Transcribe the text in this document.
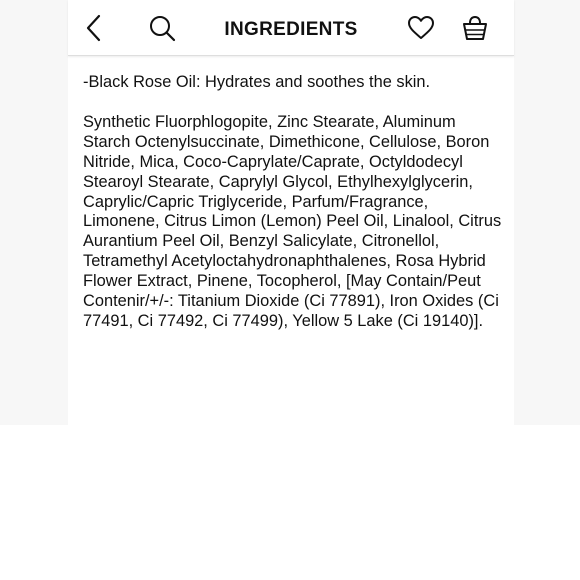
INGREDIENTS

-Black Rose Oil: Hydrates and soothes the skin.

Synthetic Fluorphlogopite, Zinc Stearate, Aluminum Starch Octenylsuccinate, Dimethicone, Cellulose, Boron Nitride, Mica, Coco-Caprylate/Caprate, Octyldodecyl Stearoyl Stearate, Caprylyl Glycol, Ethylhexylglycerin, Caprylic/Capric Triglyceride, Parfum/Fragrance, Limonene, Citrus Limon (Lemon) Peel Oil, Linalool, Citrus Aurantium Peel Oil, Benzyl Salicylate, Citronellol, Tetramethyl Acetyloctahydronaphthalenes, Rosa Hybrid Flower Extract, Pinene, Tocopherol, [May Contain/Peut Contenir/+/-: Titanium Dioxide (Ci 77891), Iron Oxides (Ci 77491, Ci 77492, Ci 77499), Yellow 5 Lake (Ci 19140)].
